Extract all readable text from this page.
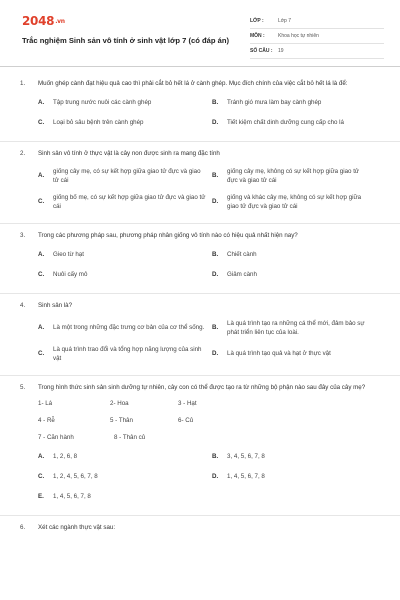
2048.vn
Trắc nghiệm Sinh sản vô tính ở sinh vật lớp 7 (có đáp án)
LỚP :	Lớp 7
MÔN :	Khoa học tự nhiên
SỐ CÂU :	19
1. Muốn ghép cành đạt hiệu quả cao thì phải cắt bỏ hết lá ở cành ghép. Mục đích chính của việc cắt bỏ hết lá là để:
A.	Tập trung nước nuôi các cành ghép	B.	Tránh gió mưa làm bay cành ghép
C.	Loại bỏ sâu bệnh trên cành ghép	D.	Tiết kiệm chất dinh dưỡng cung cấp cho lá
2. Sinh sản vô tính ở thực vật là cây non được sinh ra mang đặc tính
A.
giống cây mẹ, có sự kết hợp giữa giao tử đực và giao tử cái
B.
giống cây mẹ, không có sự kết hợp giữa giao tử đực và giao tử cái
C.
giống bố mẹ, có sự kết hợp giữa giao tử đực và giao tử cái
D.
giống và khác cây mẹ, không có sự kết hợp giữa giao tử đực và giao tử cái
3. Trong các phương pháp sau, phương pháp nhân giống vô tính nào có hiệu quả nhất hiện nay?
A.	Gieo từ hạt	B.	Chiết cành
C.	Nuôi cấy mô	D.	Giâm cành
4. Sinh sản là?
A.	Là một trong những đặc trưng cơ bản của cơ thể sống. B.
Là quá trình tạo ra những cá thể mới, đảm bảo sự phát triển liên tục của loài.
C.
Là quá trình trao đổi và tổng hợp năng lượng của sinh vật
D.	Là quá trình tạo quả và hạt ở thực vật
5. Trong hình thức sinh sản sinh dưỡng tự nhiên, cây con có thể được tạo ra từ những bộ phận nào sau đây của cây mẹ?
1- Lá	2- Hoa	3 - Hạt
4 - Rễ	5 - Thân	6- Củ
7 - Căn hành	8 - Thân củ
A.	1, 2, 6, 8	B.	3, 4, 5, 6, 7, 8
C.	1, 2, 4, 5, 6, 7, 8	D.	1, 4, 5, 6, 7, 8
E.	1, 4, 5, 6, 7, 8
6. Xét các ngành thực vật sau:
